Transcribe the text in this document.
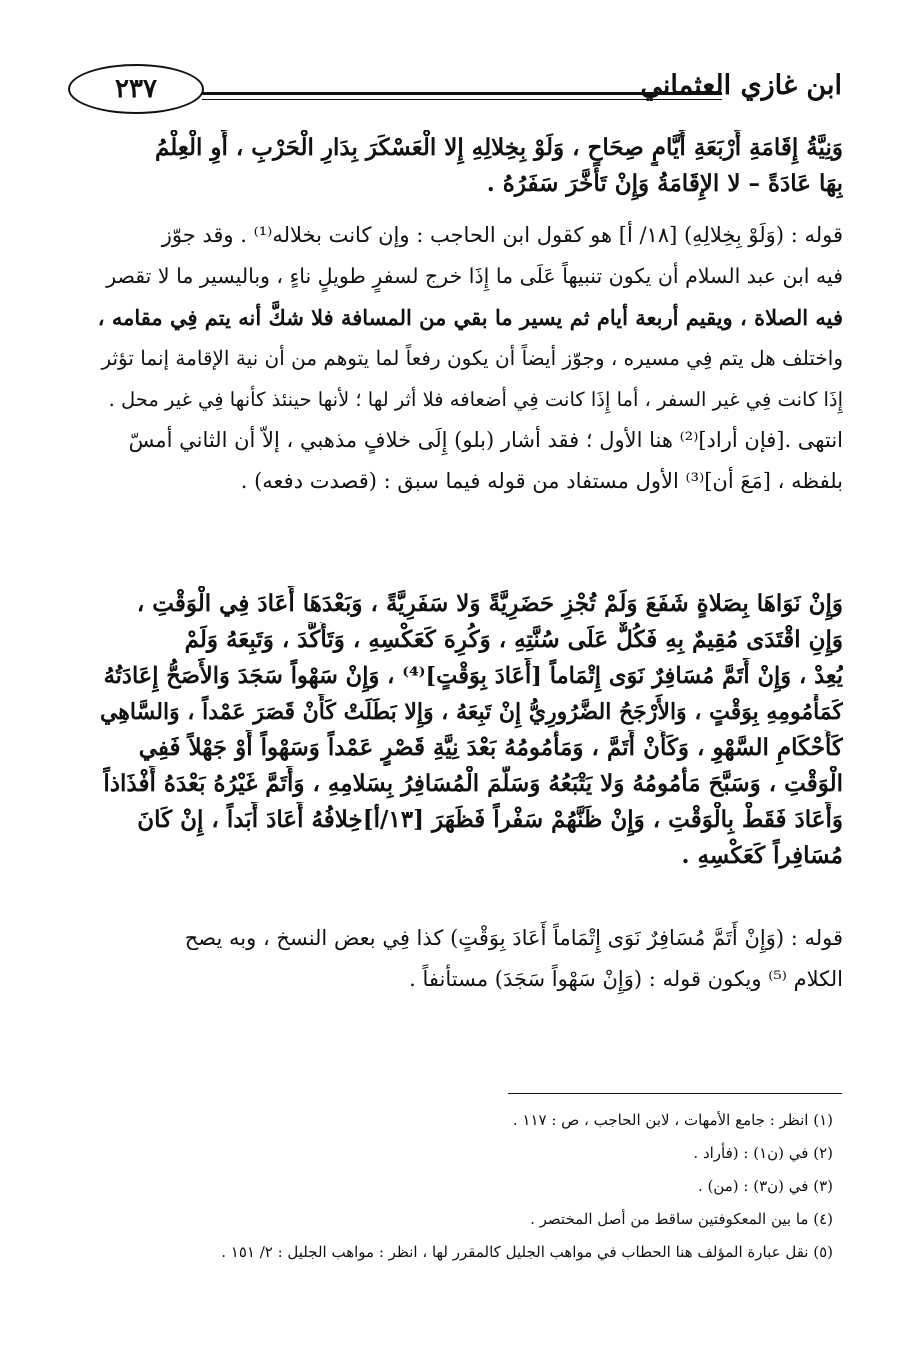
٢٣٧	ابن غازي العثماني
وَنِيَّةُ إِقَامَةِ أَرْبَعَةِ أَيَّامٍ صِحَاحٍ ، وَلَوْ بِخِلالِهِ إِلا الْعَسْكَرَ بِدَارِ الْحَرْبِ ، أَوِ الْعِلْمُ
بِهَا عَادَةً – لا الإِقَامَةُ وَإِنْ تَأَخَّرَ سَفَرُهُ .
قوله : (وَلَوْ بِخِلالِهِ) [١٨/ أ] هو كقول ابن الحاجب : وإن كانت بخلاله⁽¹⁾ . وقد جوّز
فيه ابن عبد السلام أن يكون تنبيهاً عَلَى ما إِذَا خرج لسفرٍ طويلٍ ناءٍ ، وباليسير ما لا تقصر
فيه الصلاة ، ويقيم أربعة أيام ثم يسير ما بقي من المسافة فلا شكَّ أنه يتم فِي مقامه ،
واختلف هل يتم فِي مسيره ، وجوّز أيضاً أن يكون رفعاً لما يتوهم من أن نية الإقامة إنما تؤثر
إِذَا كانت فِي غير السفر ، أما إِذَا كانت فِي أضعافه فلا أثر لها ؛ لأنها حينئذ كأنها فِي غير محل .
انتهى .[فإن أراد]⁽²⁾ هنا الأول ؛ فقد أشار (بلو) إِلَى خلافٍ مذهبي ، إلاّ أن الثاني أمسّ
بلفظه ، [مَعَ أن]⁽³⁾ الأول مستفاد من قوله فيما سبق : (قصدت دفعه) .
وَإِنْ نَوَاهَا بِصَلاةٍ شَفَعَ وَلَمْ تُجْزِ حَضَرِيَّةً وَلا سَفَرِيَّةً ، وَبَعْدَهَا أَعَادَ فِي الْوَقْتِ ،
وَإِنِ اقْتَدَى مُقِيمٌ بِهِ فَكُلٌّ عَلَى سُنَّتِهِ ، وَكُرِهَ كَعَكْسِهِ ، وَتَأَكَّدَ ، وَتَبِعَهُ وَلَمْ
يُعِدْ ، وَإِنْ أَتَمَّ مُسَافِرٌ نَوَى إِتْمَاماً [أَعَادَ بِوَقْتٍ]⁽⁴⁾ ، وَإِنْ سَهْواً سَجَدَ وَالأَصَحُّ إِعَادَتُهُ
كَمَأْمُومِهِ بِوَقْتٍ ، وَالأَرْجَحُ الضَّرُورِيُّ إِنْ تَبِعَهُ ، وَإِلا بَطَلَتْ كَأَنْ قَصَرَ عَمْداً ، وَالسَّاهِي
كَأَحْكَامِ السَّهْوِ ، وَكَأَنْ أَتَمَّ ، وَمَأْمُومُهُ بَعْدَ نِيَّةِ قَصْرٍ عَمْداً وَسَهْواً أَوْ جَهْلاً فَفِي
الْوَقْتِ ، وَسَبَّحَ مَأْمُومُهُ وَلا يَتْبَعُهُ وَسَلَّمَ الْمُسَافِرُ بِسَلامِهِ ، وَأَتَمَّ غَيْرُهُ بَعْدَهُ أَفْذَاذاً
وَأَعَادَ فَقَطْ بِالْوَقْتِ ، وَإِنْ ظَنَّهُمْ سَفْراً فَظَهَرَ [١٣/أ]خِلافُهُ أَعَادَ أَبَداً ، إِنْ كَانَ
مُسَافِراً كَعَكْسِهِ .
قوله : (وَإِنْ أَتَمَّ مُسَافِرٌ نَوَى إِتْمَاماً أَعَادَ بِوَقْتٍ) كذا فِي بعض النسخ ، وبه يصح
الكلام ⁽⁵⁾ ويكون قوله : (وَإِنْ سَهْواً سَجَدَ) مستأنفاً .
(١) انظر : جامع الأمهات ، لابن الحاجب ، ص : ١١٧ .
(٢) في (ن١) : (فأراد .
(٣) في (ن٣) : (من) .
(٤) ما بين المعكوفتين ساقط من أصل المختصر .
(٥) نقل عبارة المؤلف هنا الحطاب في مواهب الجليل كالمقرر لها ، انظر : مواهب الجليل : ٢/ ١٥١ .
